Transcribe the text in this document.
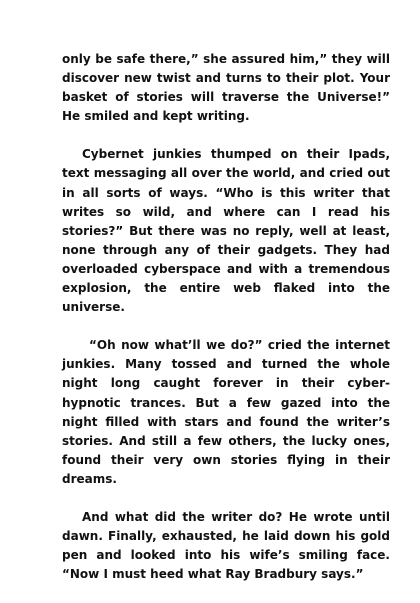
only be safe there,” she assured him,” they will discover new twist and turns to their plot. Your basket of stories will traverse the Universe!” He smiled and kept writing.

Cybernet junkies thumped on their Ipads, text messaging all over the world, and cried out in all sorts of ways. “Who is this writer that writes so wild, and where can I read his stories?” But there was no reply, well at least, none through any of their gadgets. They had overloaded cyberspace and with a tremendous explosion, the entire web flaked into the universe.

“Oh now what’ll we do?” cried the internet junkies. Many tossed and turned the whole night long caught forever in their cyber-hypnotic trances. But a few gazed into the night filled with stars and found the writer’s stories. And still a few others, the lucky ones, found their very own stories flying in their dreams.

And what did the writer do? He wrote until dawn. Finally, exhausted, he laid down his gold pen and looked into his wife’s smiling face. “Now I must heed what Ray Bradbury says.”
